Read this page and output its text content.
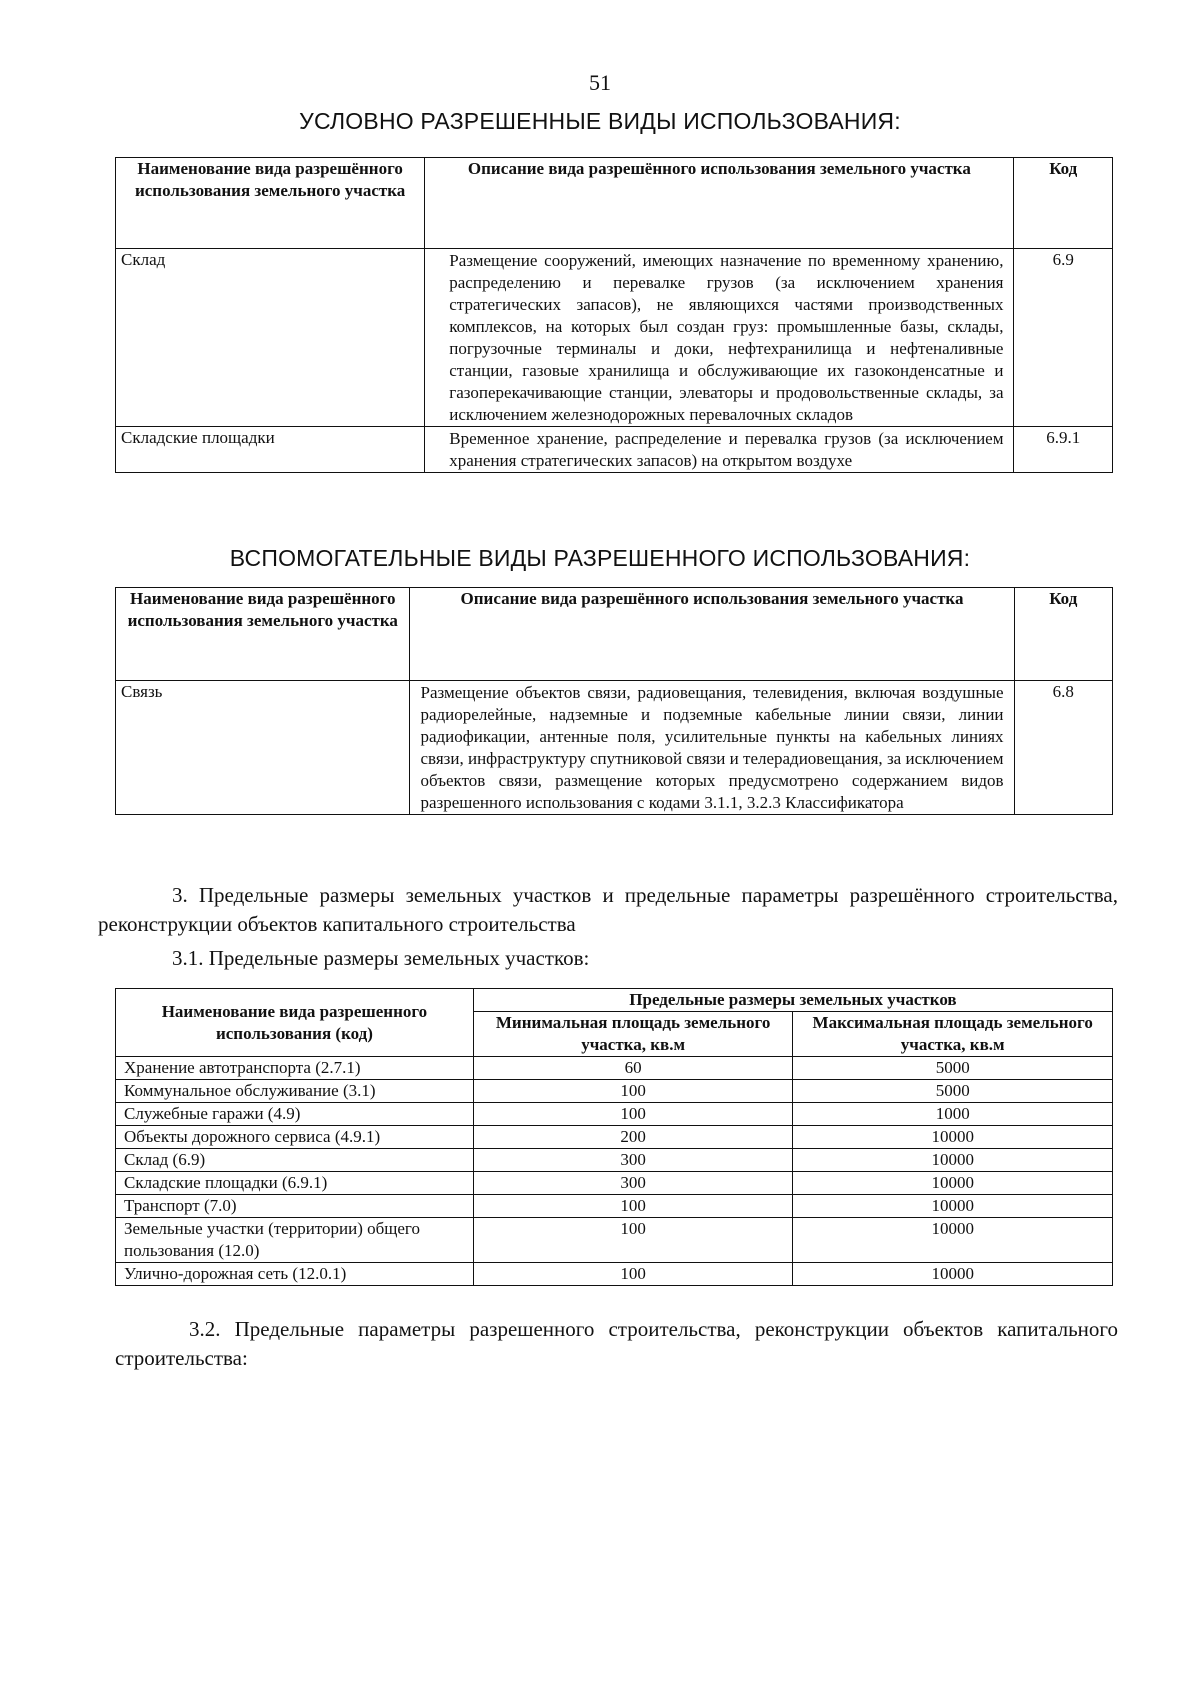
51
УСЛОВНО РАЗРЕШЕННЫЕ ВИДЫ ИСПОЛЬЗОВАНИЯ:
Наименование вида разрешённого использования земельного участка	Описание вида разрешённого использования земельного участка	Код
Склад	Размещение сооружений, имеющих назначение по временному хранению, распределению и перевалке грузов (за исключением хранения стратегических запасов), не являющихся частями производственных комплексов, на которых был создан груз: промышленные базы, склады, погрузочные терминалы и доки, нефтехранилища и нефтеналивные станции, газовые хранилища и обслуживающие их газоконденсатные и газоперекачивающие станции, элеваторы и продовольственные склады, за исключением железнодорожных перевалочных складов	6.9
Складские площадки	Временное хранение, распределение и перевалка грузов (за исключением хранения стратегических запасов) на открытом воздухе	6.9.1
ВСПОМОГАТЕЛЬНЫЕ ВИДЫ РАЗРЕШЕННОГО ИСПОЛЬЗОВАНИЯ:
Наименование вида разрешённого использования земельного участка	Описание вида разрешённого использования земельного участка	Код
Связь	Размещение объектов связи, радиовещания, телевидения, включая воздушные радиорелейные, надземные и подземные кабельные линии связи, линии радиофикации, антенные поля, усилительные пункты на кабельных линиях связи, инфраструктуру спутниковой связи и телерадиовещания, за исключением объектов связи, размещение которых предусмотрено содержанием видов разрешенного использования с кодами 3.1.1, 3.2.3 Классификатора	6.8
3. Предельные размеры земельных участков и предельные параметры разрешённого строительства, реконструкции объектов капитального строительства
3.1. Предельные размеры земельных участков:
Наименование вида разрешенного использования (код)	Предельные размеры земельных участков	
	Минимальная площадь земельного участка, кв.м	Максимальная площадь земельного участка, кв.м
Хранение автотранспорта (2.7.1)	60	5000
Коммунальное обслуживание (3.1)	100	5000
Служебные гаражи (4.9)	100	1000
Объекты дорожного сервиса (4.9.1)	200	10000
Склад (6.9)	300	10000
Складские площадки (6.9.1)	300	10000
Транспорт (7.0)	100	10000
Земельные участки (территории) общего пользования (12.0)	100	10000
Улично-дорожная сеть (12.0.1)	100	10000
3.2. Предельные параметры разрешенного строительства, реконструкции объектов капитального строительства:
